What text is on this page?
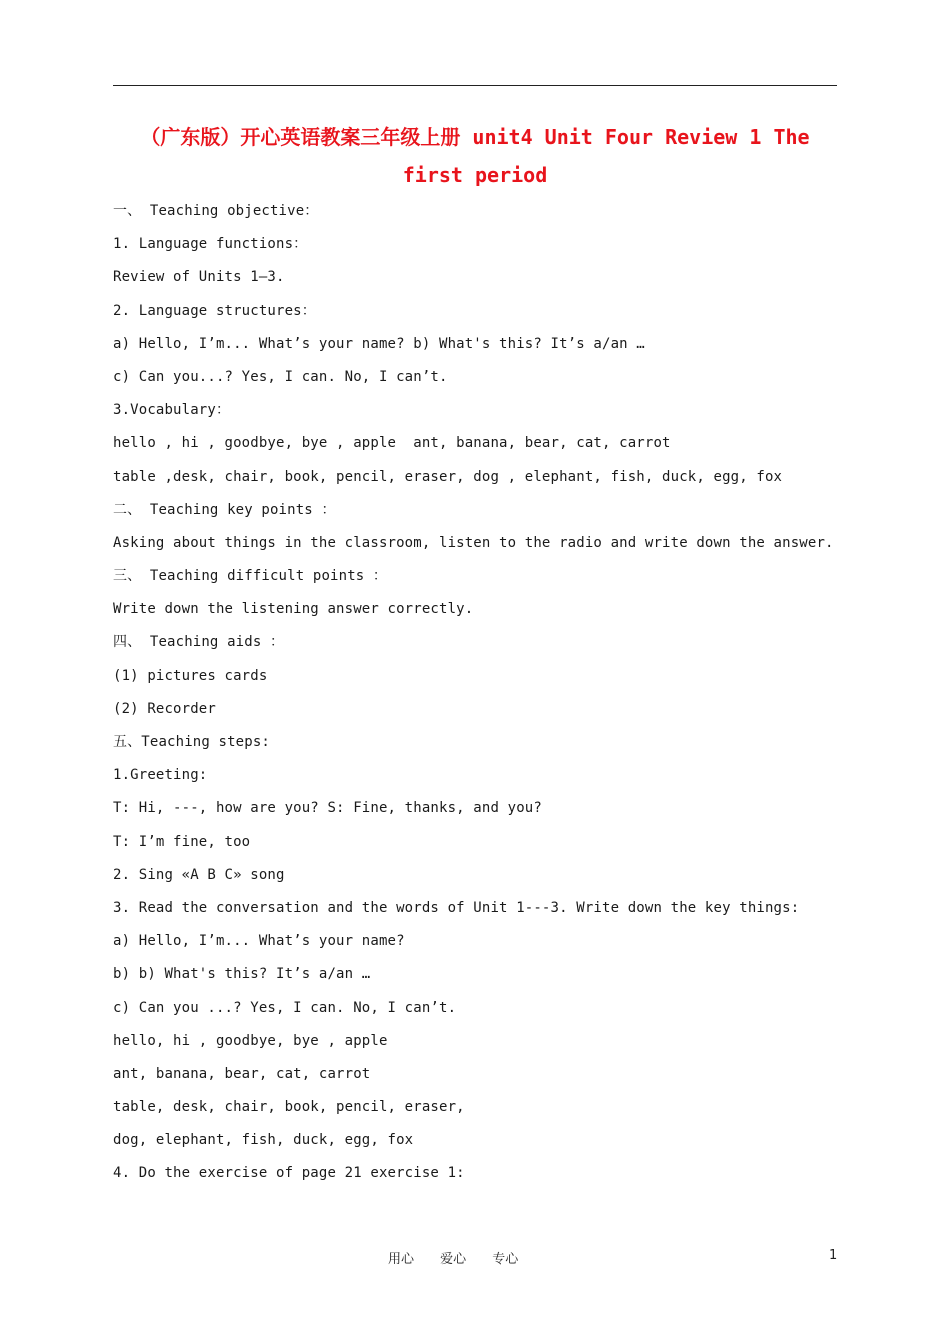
（广东版）开心英语教案三年级上册 unit4 Unit Four Review 1 The first period
一、 Teaching objective：
1. Language functions：
Review of Units 1—3.
2. Language structures：
a) Hello, I’m... What’s your name? b) What's this? It’s a/an …
c) Can you...? Yes, I can. No, I can’t.
3.Vocabulary：
hello , hi , goodbye, bye , apple  ant, banana, bear, cat, carrot
table ,desk, chair, book, pencil, eraser, dog , elephant, fish, duck, egg, fox
二、 Teaching key points ：
Asking about things in the classroom, listen to the radio and write down the answer.
三、 Teaching difficult points ：
Write down the listening answer correctly.
四、 Teaching aids ：
(1) pictures cards
(2) Recorder
五、Teaching steps:
1.Greeting:
T: Hi, ---, how are you? S: Fine, thanks, and you?
T: I’m fine, too
2. Sing «A B C» song
3. Read the conversation and the words of Unit 1---3. Write down the key things:
a) Hello, I’m... What’s your name?
b) b) What's this? It’s a/an …
c) Can you ...? Yes, I can. No, I can’t.
hello, hi , goodbye, bye , apple
ant, banana, bear, cat, carrot
table, desk, chair, book, pencil, eraser,
dog, elephant, fish, duck, egg, fox
4. Do the exercise of page 21 exercise 1:
用心 爱心 专心	1
